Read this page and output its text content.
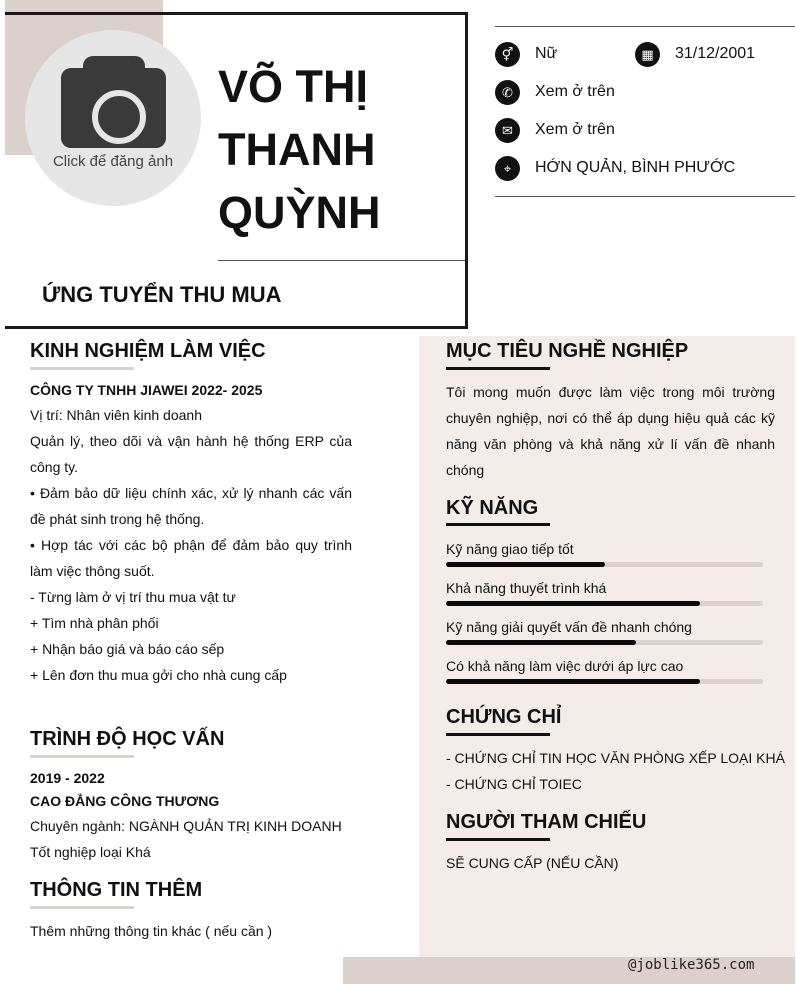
@joblike365.com
Click để đăng ảnh
VÕ THỊ
THANH
QUỲNH
ỨNG TUYỂN THU MUA
⚥	Nữ	▦	31/12/2001
✆	Xem ở trên
✉	Xem ở trên
⌖	HỚN QUẢN, BÌNH PHƯỚC
KINH NGHIỆM LÀM VIỆC
CÔNG TY TNHH JIAWEI 2022- 2025
Vị trí: Nhân viên kinh doanh
Quản lý, theo dõi và vận hành hệ thống ERP của công ty.
• Đảm bảo dữ liệu chính xác, xử lý nhanh các vấn đề phát sinh trong hệ thống.
• Hợp tác với các bộ phận để đảm bảo quy trình làm việc thông suốt.
- Từng làm ở vị trí thu mua vật tư
+ Tìm nhà phân phối
+ Nhận báo giá và báo cáo sếp
+ Lên đơn thu mua gởi cho nhà cung cấp
TRÌNH ĐỘ HỌC VẤN
2019 - 2022
CAO ĐẲNG CÔNG THƯƠNG
Chuyên ngành: NGÀNH QUẢN TRỊ KINH DOANH
Tốt nghiệp loại Khá
THÔNG TIN THÊM
Thêm những thông tin khác ( nếu cần )
MỤC TIÊU NGHỀ NGHIỆP
Tôi mong muốn được làm việc trong môi trường chuyên nghiệp, nơi có thể áp dụng hiệu quả các kỹ năng văn phòng và khả năng xử lí vấn đề nhanh chóng
KỸ NĂNG
Kỹ năng giao tiếp tốt
Khả năng thuyết trình khá
Kỹ năng giải quyết vấn đề nhanh chóng
Có khả năng làm việc dưới áp lực cao
CHỨNG CHỈ
- CHỨNG CHỈ TIN HỌC VĂN PHÒNG XẾP LOẠI KHÁ
- CHỨNG CHỈ TOIEC
NGƯỜI THAM CHIẾU
SẼ CUNG CẤP (NẾU CẦN)
